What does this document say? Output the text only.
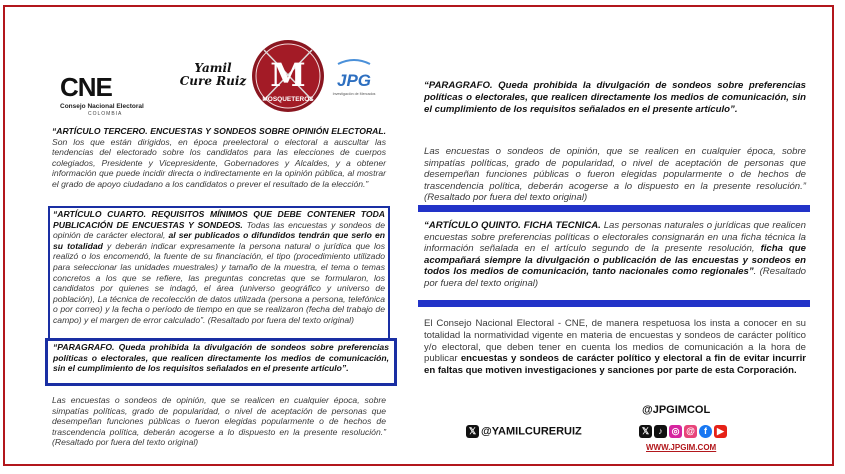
CNE
Consejo Nacional Electoral
COLOMBIA
Yamil
Cure Ruiz M
MOSQUETEROS
JPG
Investigación de Mercados

“ARTÍCULO TERCERO. ENCUESTAS Y SONDEOS SOBRE OPINIÓN ELECTORAL. Son los que están dirigidos, en época preelectoral o electoral a auscultar las tendencias del electorado sobre los candidatos para las elecciones de cuerpos colegiados, Presidente y Vicepresidente, Gobernadores y Alcaldes, y a obtener información que puede incidir directa o indirectamente en la opinión pública, al mostrar el grado de apoyo ciudadano a los candidatos o prever el resultado de la elección.”

“ARTÍCULO CUARTO. REQUISITOS MÍNIMOS QUE DEBE CONTENER TODA PUBLICACIÓN DE ENCUESTAS Y SONDEOS. Todas las encuestas y sondeos de opinión de carácter electoral, al ser publicados o difundidos tendrán que serlo en su totalidad y deberán indicar expresamente la persona natural o jurídica que los realizó o los encomendó, la fuente de su financiación, el tipo (procedimiento utilizado para seleccionar las unidades muestrales) y tamaño de la muestra, el tema o temas concretos a los que se refiere, las preguntas concretas que se formularon, los candidatos por quienes se indagó, el área (universo geográfico y universo de población), La técnica de recolección de datos utilizada (persona a persona, telefónica o por correo) y la fecha o período de tiempo en que se realizaron (fecha del trabajo de campo) y el margen de error calculado”. (Resaltado por fuera del texto original)

“PARAGRAFO. Queda prohibida la divulgación de sondeos sobre preferencias políticas o electorales, que realicen directamente los medios de comunicación, sin el cumplimiento de los requisitos señalados en el presente artículo”.
Las encuestas o sondeos de opinión, que se realicen en cualquier época, sobre simpatías políticas, grado de popularidad, o nivel de aceptación de personas que desempeñan funciones públicas o fueron elegidas popularmente o de hechos de trascendencia política, deberán acogerse a lo dispuesto en la presente resolución.” (Resaltado por fuera del texto original)
“PARAGRAFO. Queda prohibida la divulgación de sondeos sobre preferencias políticas o electorales, que realicen directamente los medios de comunicación, sin el cumplimiento de los requisitos señalados en el presente artículo”.
Las encuestas o sondeos de opinión, que se realicen en cualquier época, sobre simpatías políticas, grado de popularidad, o nivel de aceptación de personas que desempeñan funciones públicas o fueron elegidas popularmente o de hechos de trascendencia política, deberán acogerse a lo dispuesto en la presente resolución.” (Resaltado por fuera del texto original)

“ARTÍCULO QUINTO. FICHA TECNICA. Las personas naturales o jurídicas que realicen encuestas sobre preferencias políticas o electorales consignarán en una ficha técnica la información señalada en el artículo segundo de la presente resolución, ficha que acompañará siempre la divulgación o publicación de las encuestas y sondeos en todos los medios de comunicación, tanto nacionales como regionales”. (Resaltado por fuera del texto original)

El Consejo Nacional Electoral - CNE, de manera respetuosa los insta a conocer en su totalidad la normatividad vigente en materia de encuestas y sondeos de carácter político y/o electoral, que deben tener en cuenta los medios de comunicación a la hora de publicar encuestas y sondeos de carácter político y electoral a fin de evitar incurrir en faltas que motiven investigaciones y sanciones por parte de esta Corporación.

@JPGIMCOL
𝕏 @YAMILCURERUIZ	𝕏 ♪ ◎ @ f ▶
WWW.JPGIM.COM
